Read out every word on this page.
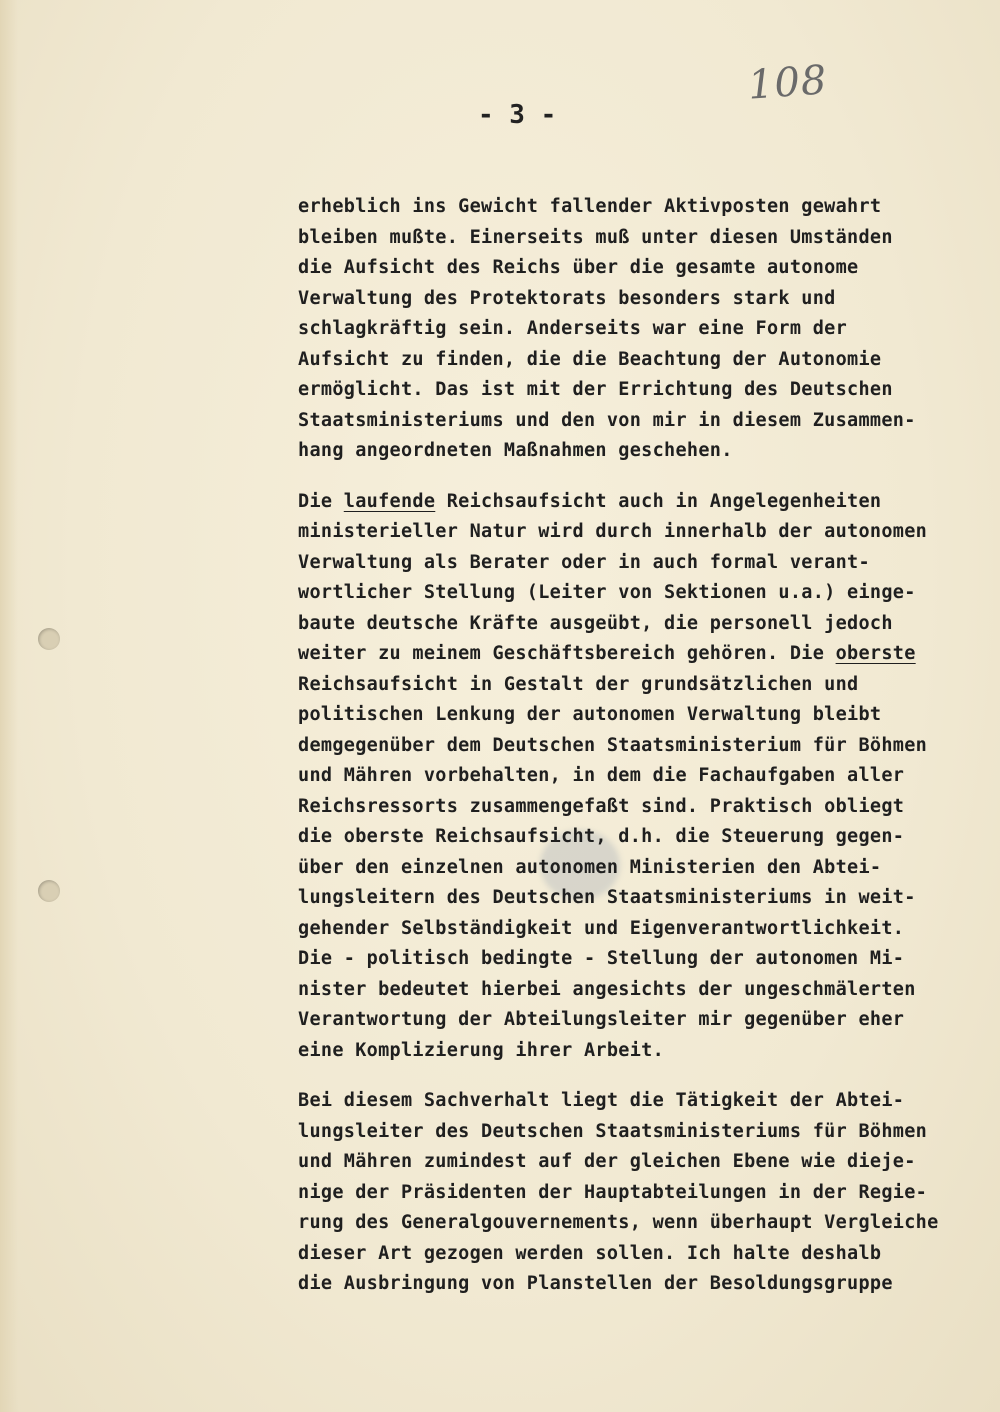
108
- 3 -
erheblich ins Gewicht fallender Aktivposten gewahrt
bleiben mußte. Einerseits muß unter diesen Umständen
die Aufsicht des Reichs über die gesamte autonome
Verwaltung des Protektorats besonders stark und
schlagkräftig sein. Anderseits war eine Form der
Aufsicht zu finden, die die Beachtung der Autonomie
ermöglicht. Das ist mit der Errichtung des Deutschen
Staatsministeriums und den von mir in diesem Zusammen-
hang angeordneten Maßnahmen geschehen.
Die laufende Reichsaufsicht auch in Angelegenheiten
ministerieller Natur wird durch innerhalb der autonomen
Verwaltung als Berater oder in auch formal verant-
wortlicher Stellung (Leiter von Sektionen u.a.) einge-
baute deutsche Kräfte ausgeübt, die personell jedoch
weiter zu meinem Geschäftsbereich gehören. Die oberste
Reichsaufsicht in Gestalt der grundsätzlichen und
politischen Lenkung der autonomen Verwaltung bleibt
demgegenüber dem Deutschen Staatsministerium für Böhmen
und Mähren vorbehalten, in dem die Fachaufgaben aller
Reichsressorts zusammengefaßt sind. Praktisch obliegt
die oberste Reichsaufsicht, d.h. die Steuerung gegen-
über den einzelnen autonomen Ministerien den Abtei-
lungsleitern des Deutschen Staatsministeriums in weit-
gehender Selbständigkeit und Eigenverantwortlichkeit.
Die - politisch bedingte - Stellung der autonomen Mi-
nister bedeutet hierbei angesichts der ungeschmälerten
Verantwortung der Abteilungsleiter mir gegenüber eher
eine Komplizierung ihrer Arbeit.
Bei diesem Sachverhalt liegt die Tätigkeit der Abtei-
lungsleiter des Deutschen Staatsministeriums für Böhmen
und Mähren zumindest auf der gleichen Ebene wie dieje-
nige der Präsidenten der Hauptabteilungen in der Regie-
rung des Generalgouvernements, wenn überhaupt Vergleiche
dieser Art gezogen werden sollen. Ich halte deshalb
die Ausbringung von Planstellen der Besoldungsgruppe
